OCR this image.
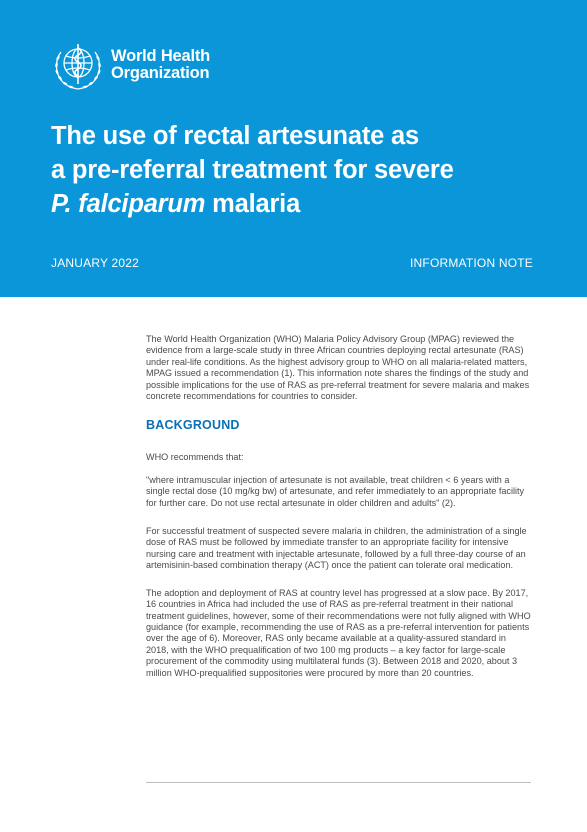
World Health
Organization
The use of rectal artesunate as
a pre-referral treatment for severe
P. falciparum malaria
JANUARY 2022	INFORMATION NOTE

The World Health Organization (WHO) Malaria Policy Advisory Group (MPAG) reviewed the evidence from a large-scale study in three African countries deploying rectal artesunate (RAS) under real-life conditions. As the highest advisory group to WHO on all malaria-related matters, MPAG issued a recommendation (1). This information note shares the findings of the study and possible implications for the use of RAS as pre-referral treatment for severe malaria and makes concrete recommendations for countries to consider.

BACKGROUND

WHO recommends that:

"where intramuscular injection of artesunate is not available, treat children < 6 years with a single rectal dose (10 mg/kg bw) of artesunate, and refer immediately to an appropriate facility for further care. Do not use rectal artesunate in older children and adults" (2).

For successful treatment of suspected severe malaria in children, the administration of a single dose of RAS must be followed by immediate transfer to an appropriate facility for intensive nursing care and treatment with injectable artesunate, followed by a full three-day course of an artemisinin-based combination therapy (ACT) once the patient can tolerate oral medication.

The adoption and deployment of RAS at country level has progressed at a slow pace. By 2017, 16 countries in Africa had included the use of RAS as pre-referral treatment in their national treatment guidelines, however, some of their recommendations were not fully aligned with WHO guidance (for example, recommending the use of RAS as a pre-referral intervention for patients over the age of 6). Moreover, RAS only became available at a quality-assured standard in 2018, with the WHO prequalification of two 100 mg products – a key factor for large-scale procurement of the commodity using multilateral funds (3). Between 2018 and 2020, about 3 million WHO-prequalified suppositories were procured by more than 20 countries.
